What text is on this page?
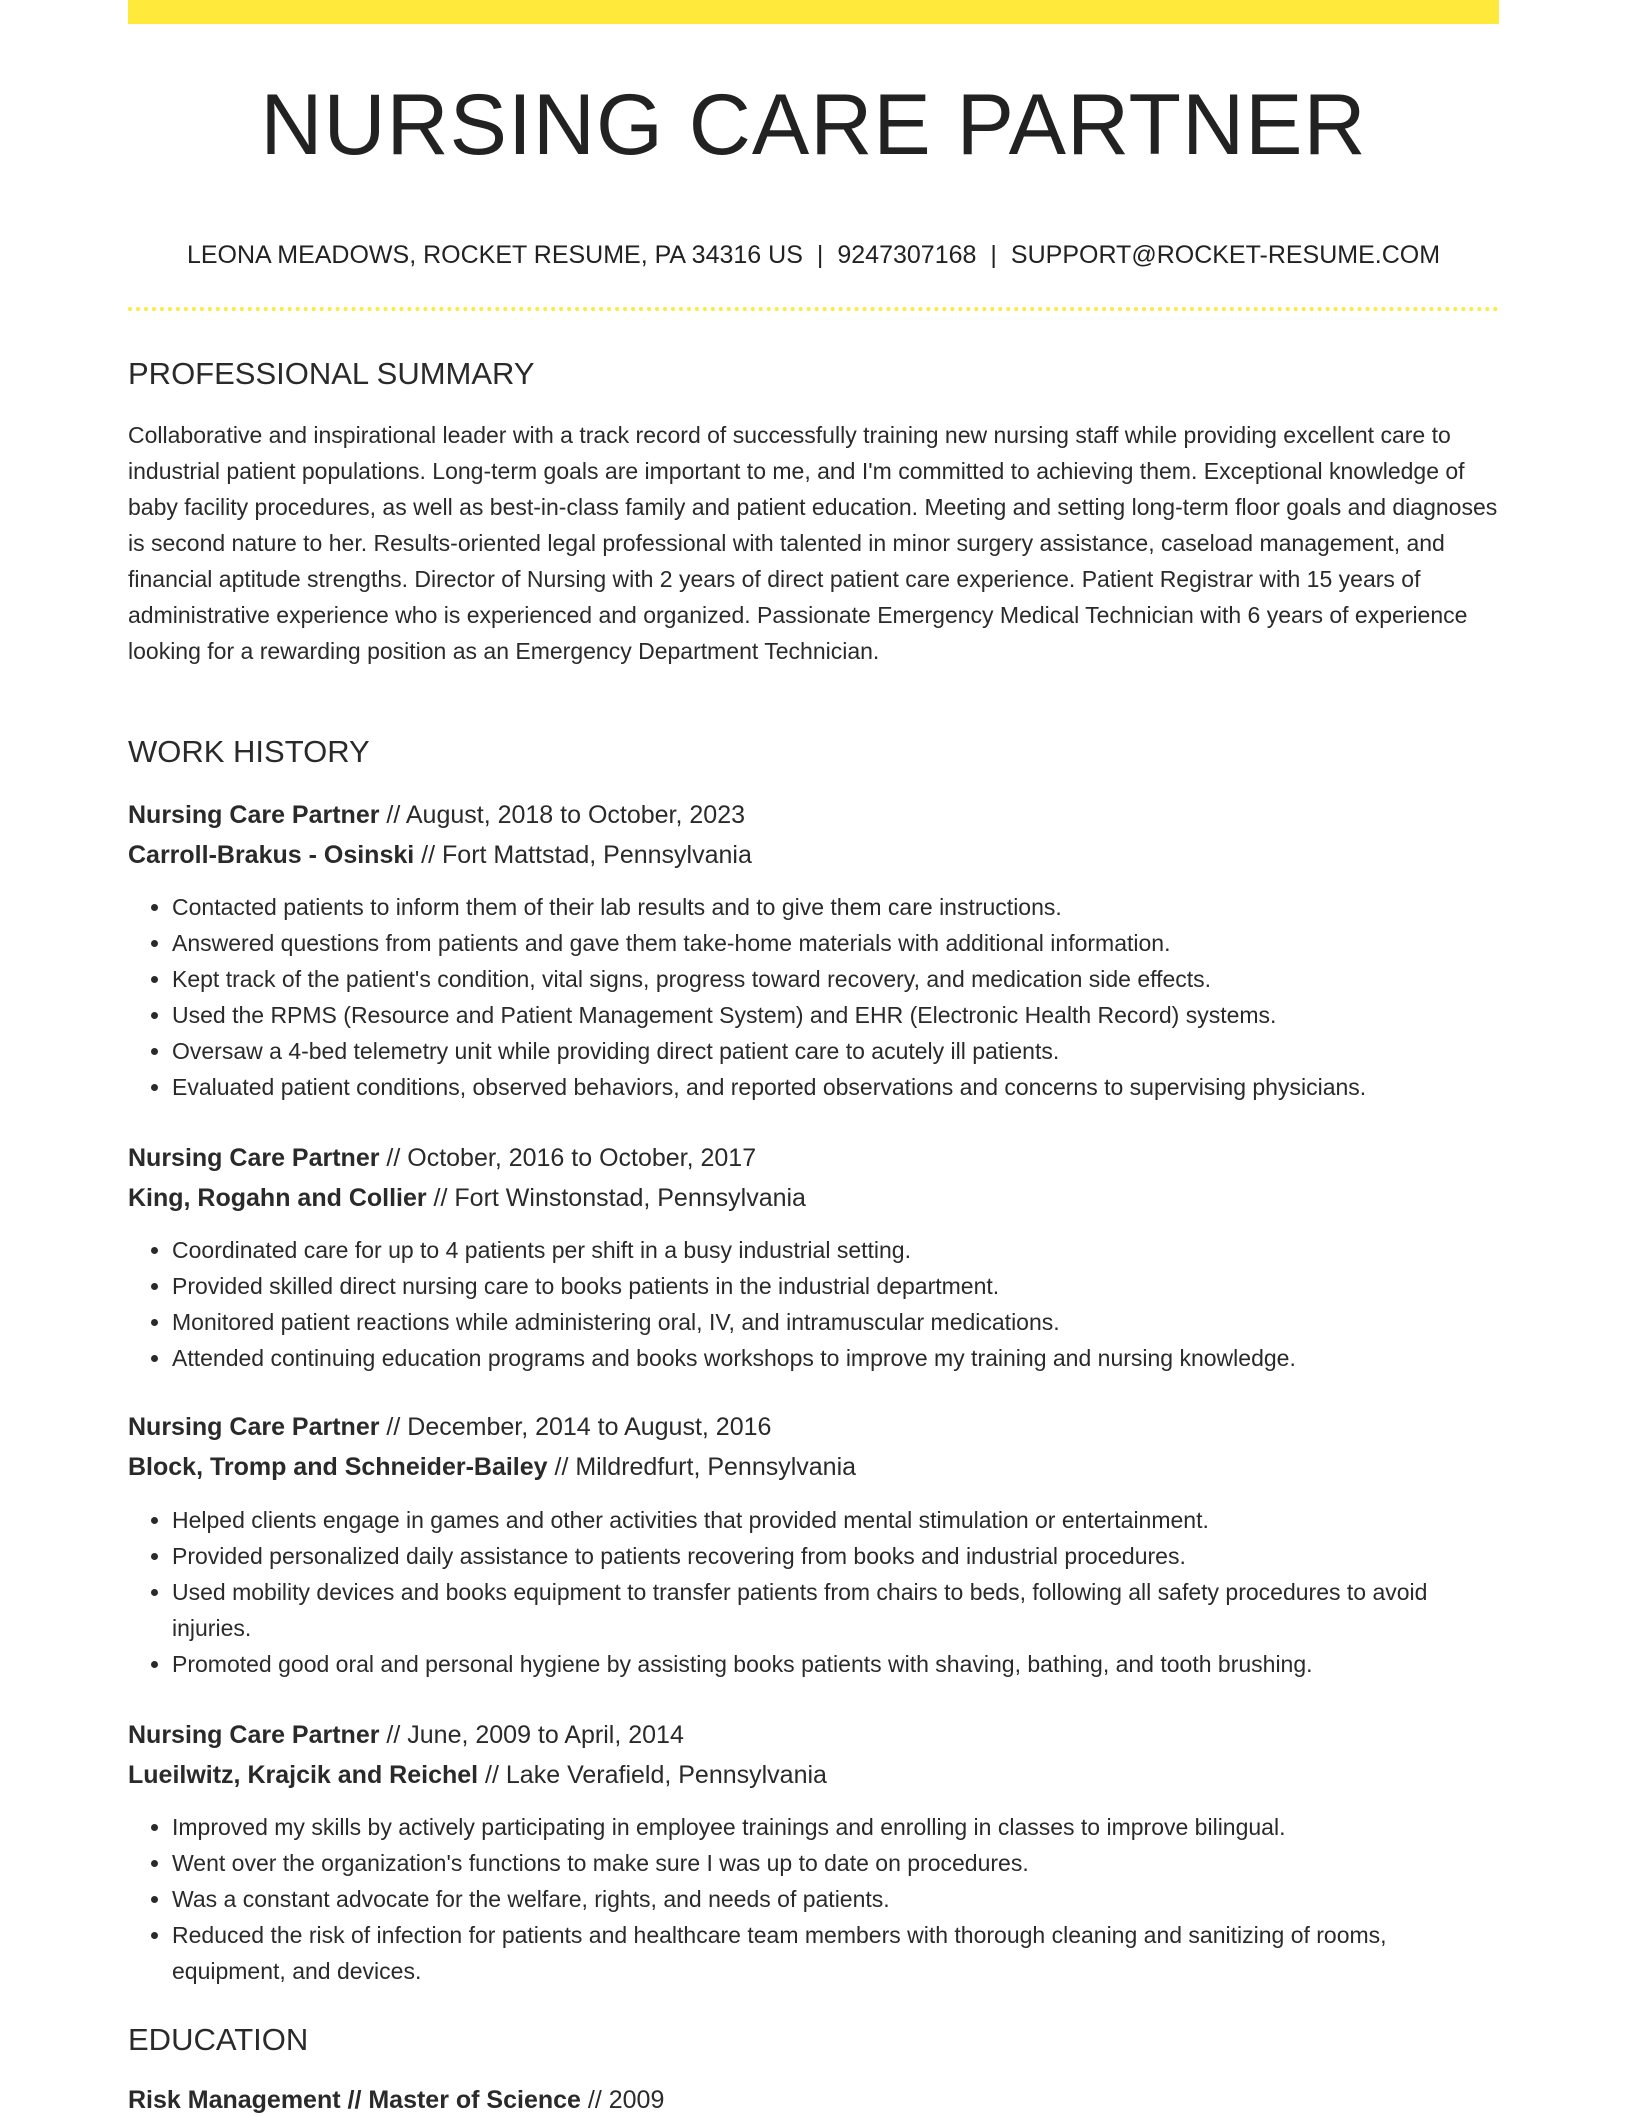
NURSING CARE PARTNER
LEONA MEADOWS, ROCKET RESUME, PA 34316 US | 9247307168 | SUPPORT@ROCKET-RESUME.COM
PROFESSIONAL SUMMARY

Collaborative and inspirational leader with a track record of successfully training new nursing staff while providing excellent care to industrial patient populations. Long-term goals are important to me, and I'm committed to achieving them. Exceptional knowledge of baby facility procedures, as well as best-in-class family and patient education. Meeting and setting long-term floor goals and diagnoses is second nature to her. Results-oriented legal professional with talented in minor surgery assistance, caseload management, and financial aptitude strengths. Director of Nursing with 2 years of direct patient care experience. Patient Registrar with 15 years of administrative experience who is experienced and organized. Passionate Emergency Medical Technician with 6 years of experience looking for a rewarding position as an Emergency Department Technician.

WORK HISTORY
Nursing Care Partner // August, 2018 to October, 2023
Carroll-Brakus - Osinski // Fort Mattstad, Pennsylvania
• Contacted patients to inform them of their lab results and to give them care instructions.
• Answered questions from patients and gave them take-home materials with additional information.
• Kept track of the patient's condition, vital signs, progress toward recovery, and medication side effects.
• Used the RPMS (Resource and Patient Management System) and EHR (Electronic Health Record) systems.
• Oversaw a 4-bed telemetry unit while providing direct patient care to acutely ill patients.
• Evaluated patient conditions, observed behaviors, and reported observations and concerns to supervising physicians.
Nursing Care Partner // October, 2016 to October, 2017
King, Rogahn and Collier // Fort Winstonstad, Pennsylvania
• Coordinated care for up to 4 patients per shift in a busy industrial setting.
• Provided skilled direct nursing care to books patients in the industrial department.
• Monitored patient reactions while administering oral, IV, and intramuscular medications.
• Attended continuing education programs and books workshops to improve my training and nursing knowledge.
Nursing Care Partner // December, 2014 to August, 2016
Block, Tromp and Schneider-Bailey // Mildredfurt, Pennsylvania
• Helped clients engage in games and other activities that provided mental stimulation or entertainment.
• Provided personalized daily assistance to patients recovering from books and industrial procedures.
• Used mobility devices and books equipment to transfer patients from chairs to beds, following all safety procedures to avoid injuries.
• Promoted good oral and personal hygiene by assisting books patients with shaving, bathing, and tooth brushing.
Nursing Care Partner // June, 2009 to April, 2014
Lueilwitz, Krajcik and Reichel // Lake Verafield, Pennsylvania
• Improved my skills by actively participating in employee trainings and enrolling in classes to improve bilingual.
• Went over the organization's functions to make sure I was up to date on procedures.
• Was a constant advocate for the welfare, rights, and needs of patients.
• Reduced the risk of infection for patients and healthcare team members with thorough cleaning and sanitizing of rooms, equipment, and devices.
EDUCATION
Risk Management // Master of Science // 2009
